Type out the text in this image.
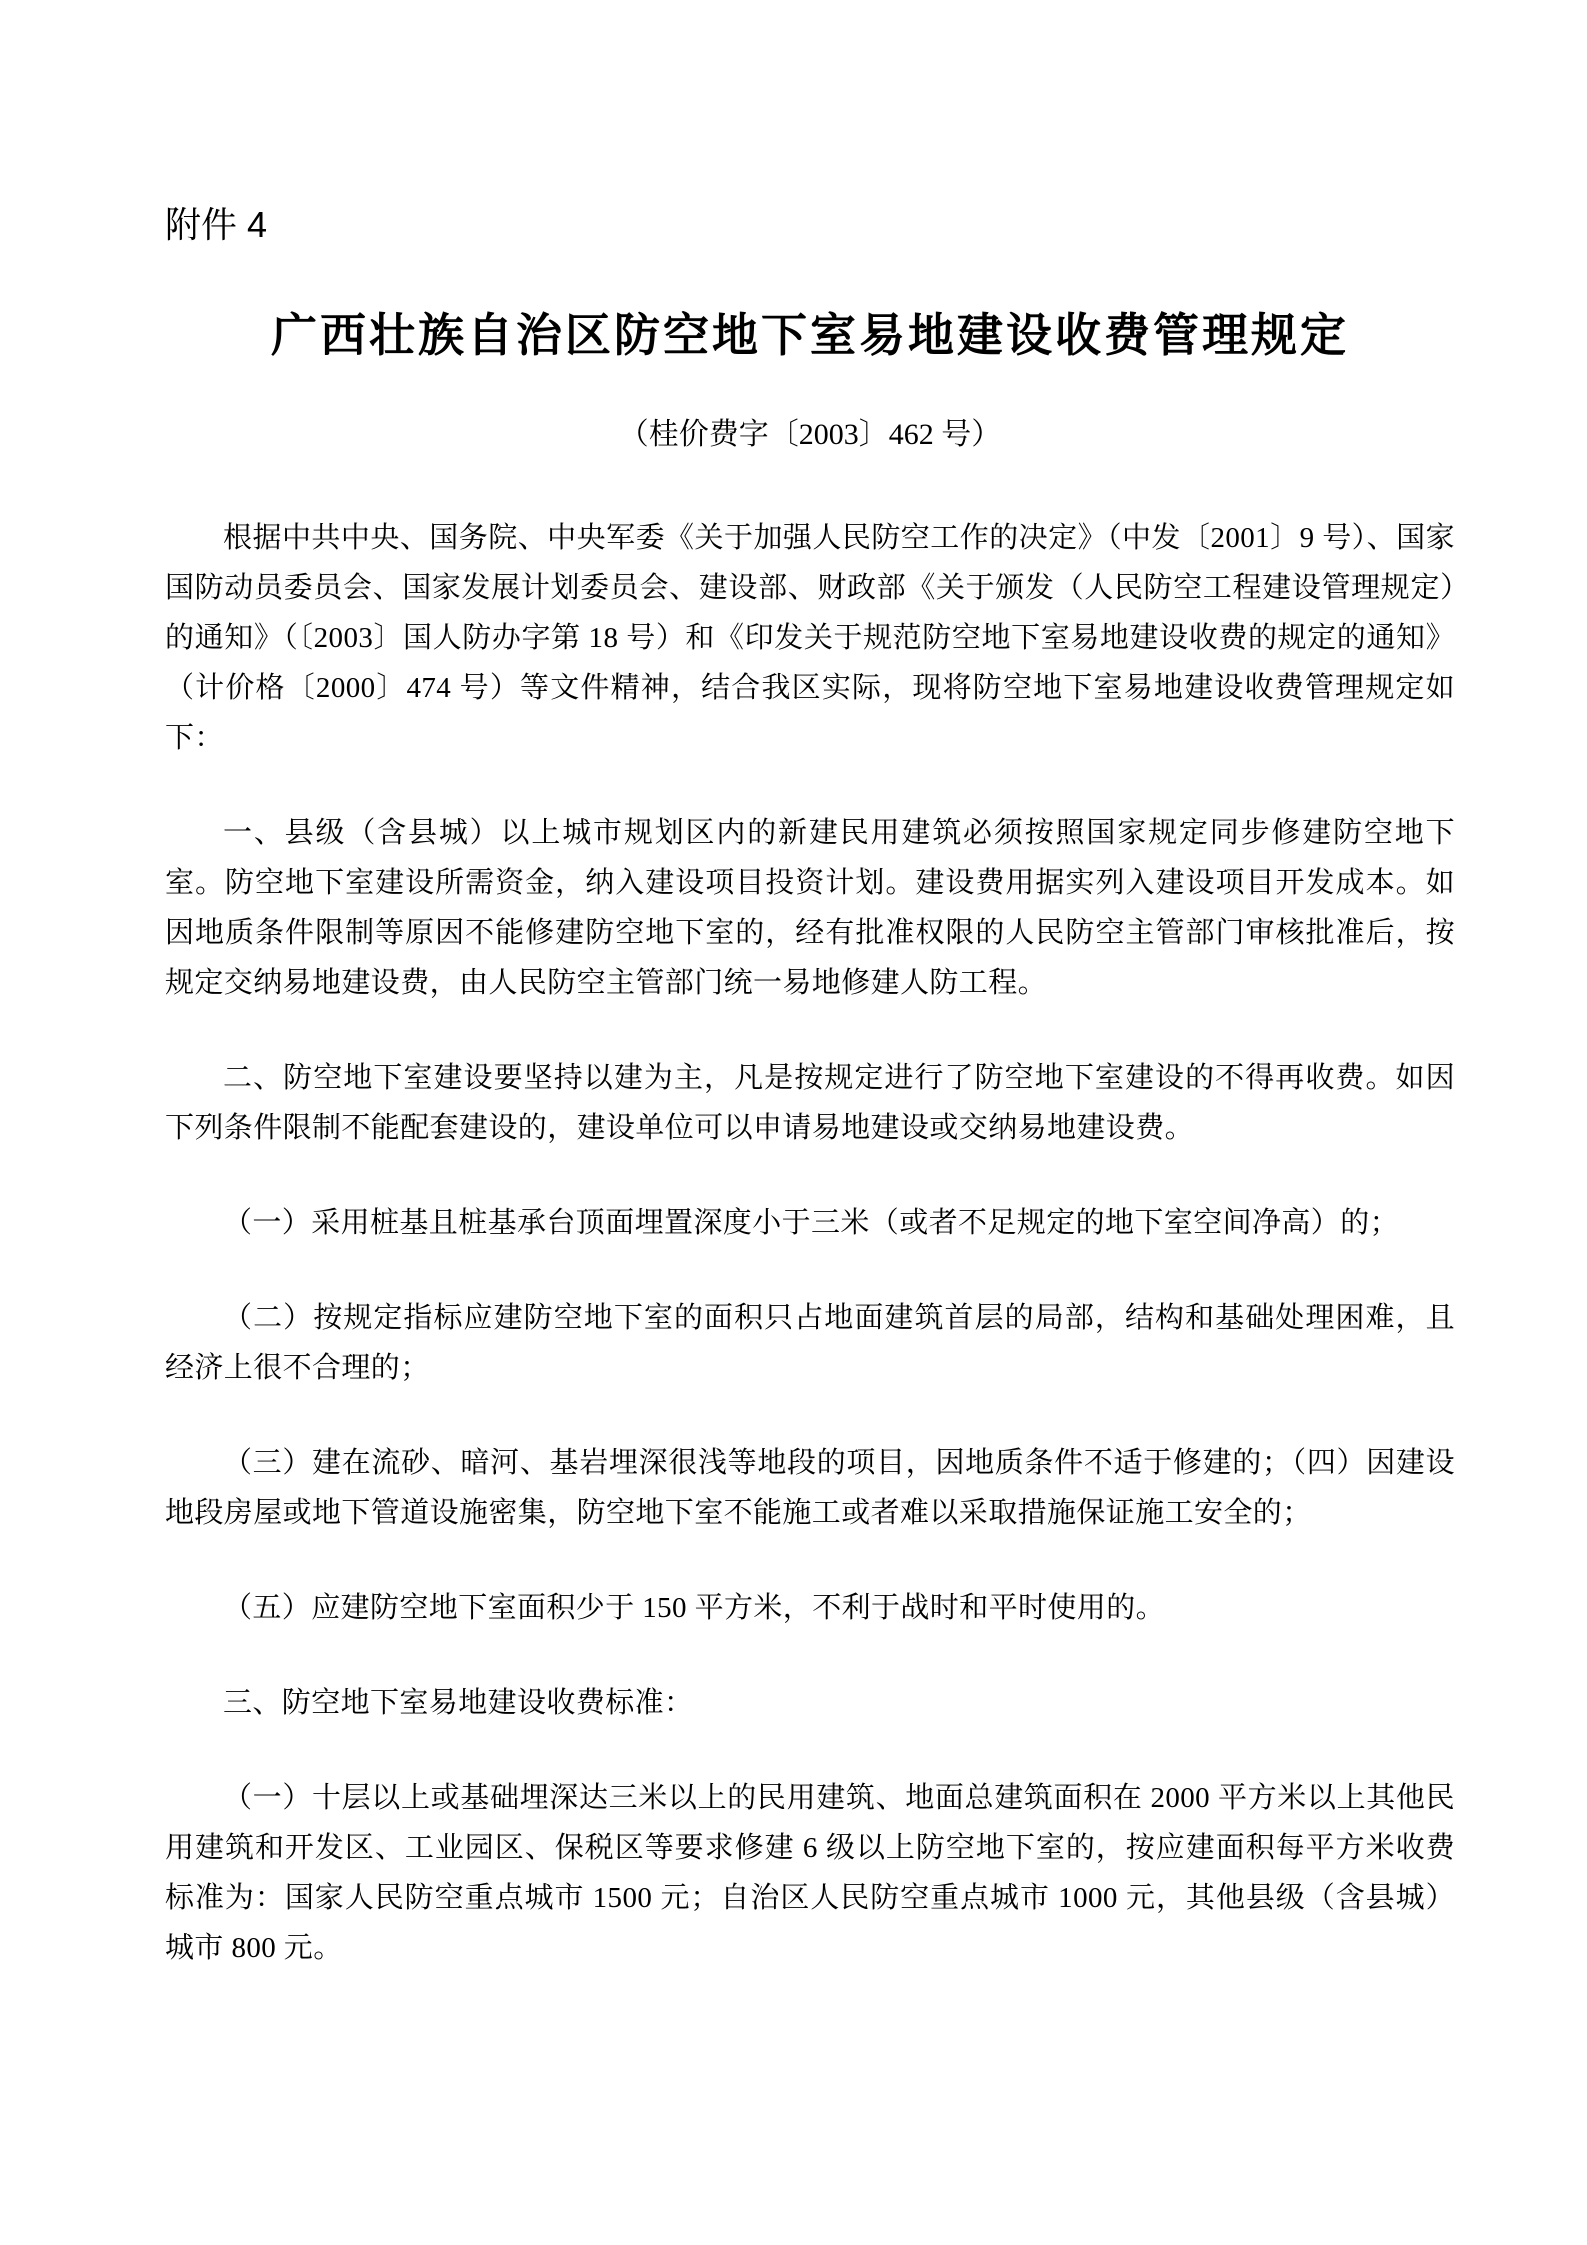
附件 4
广西壮族自治区防空地下室易地建设收费管理规定
（桂价费字〔2003〕462 号）

根据中共中央、国务院、中央军委《关于加强人民防空工作的决定》（中发〔2001〕9 号）、国家国防动员委员会、国家发展计划委员会、建设部、财政部《关于颁发（人民防空工程建设管理规定）的通知》（〔2003〕国人防办字第 18 号）和《印发关于规范防空地下室易地建设收费的规定的通知》（计价格〔2000〕474 号）等文件精神，结合我区实际，现将防空地下室易地建设收费管理规定如下：

一、县级（含县城）以上城市规划区内的新建民用建筑必须按照国家规定同步修建防空地下室。防空地下室建设所需资金，纳入建设项目投资计划。建设费用据实列入建设项目开发成本。如因地质条件限制等原因不能修建防空地下室的，经有批准权限的人民防空主管部门审核批准后，按规定交纳易地建设费，由人民防空主管部门统一易地修建人防工程。

二、防空地下室建设要坚持以建为主，凡是按规定进行了防空地下室建设的不得再收费。如因下列条件限制不能配套建设的，建设单位可以申请易地建设或交纳易地建设费。

（一）采用桩基且桩基承台顶面埋置深度小于三米（或者不足规定的地下室空间净高）的；

（二）按规定指标应建防空地下室的面积只占地面建筑首层的局部，结构和基础处理困难，且经济上很不合理的；

（三）建在流砂、暗河、基岩埋深很浅等地段的项目，因地质条件不适于修建的；（四）因建设地段房屋或地下管道设施密集，防空地下室不能施工或者难以采取措施保证施工安全的；

（五）应建防空地下室面积少于 150 平方米，不利于战时和平时使用的。

三、防空地下室易地建设收费标准：

（一）十层以上或基础埋深达三米以上的民用建筑、地面总建筑面积在 2000 平方米以上其他民用建筑和开发区、工业园区、保税区等要求修建 6 级以上防空地下室的，按应建面积每平方米收费标准为：国家人民防空重点城市 1500 元；自治区人民防空重点城市 1000 元，其他县级（含县城）城市 800 元。
